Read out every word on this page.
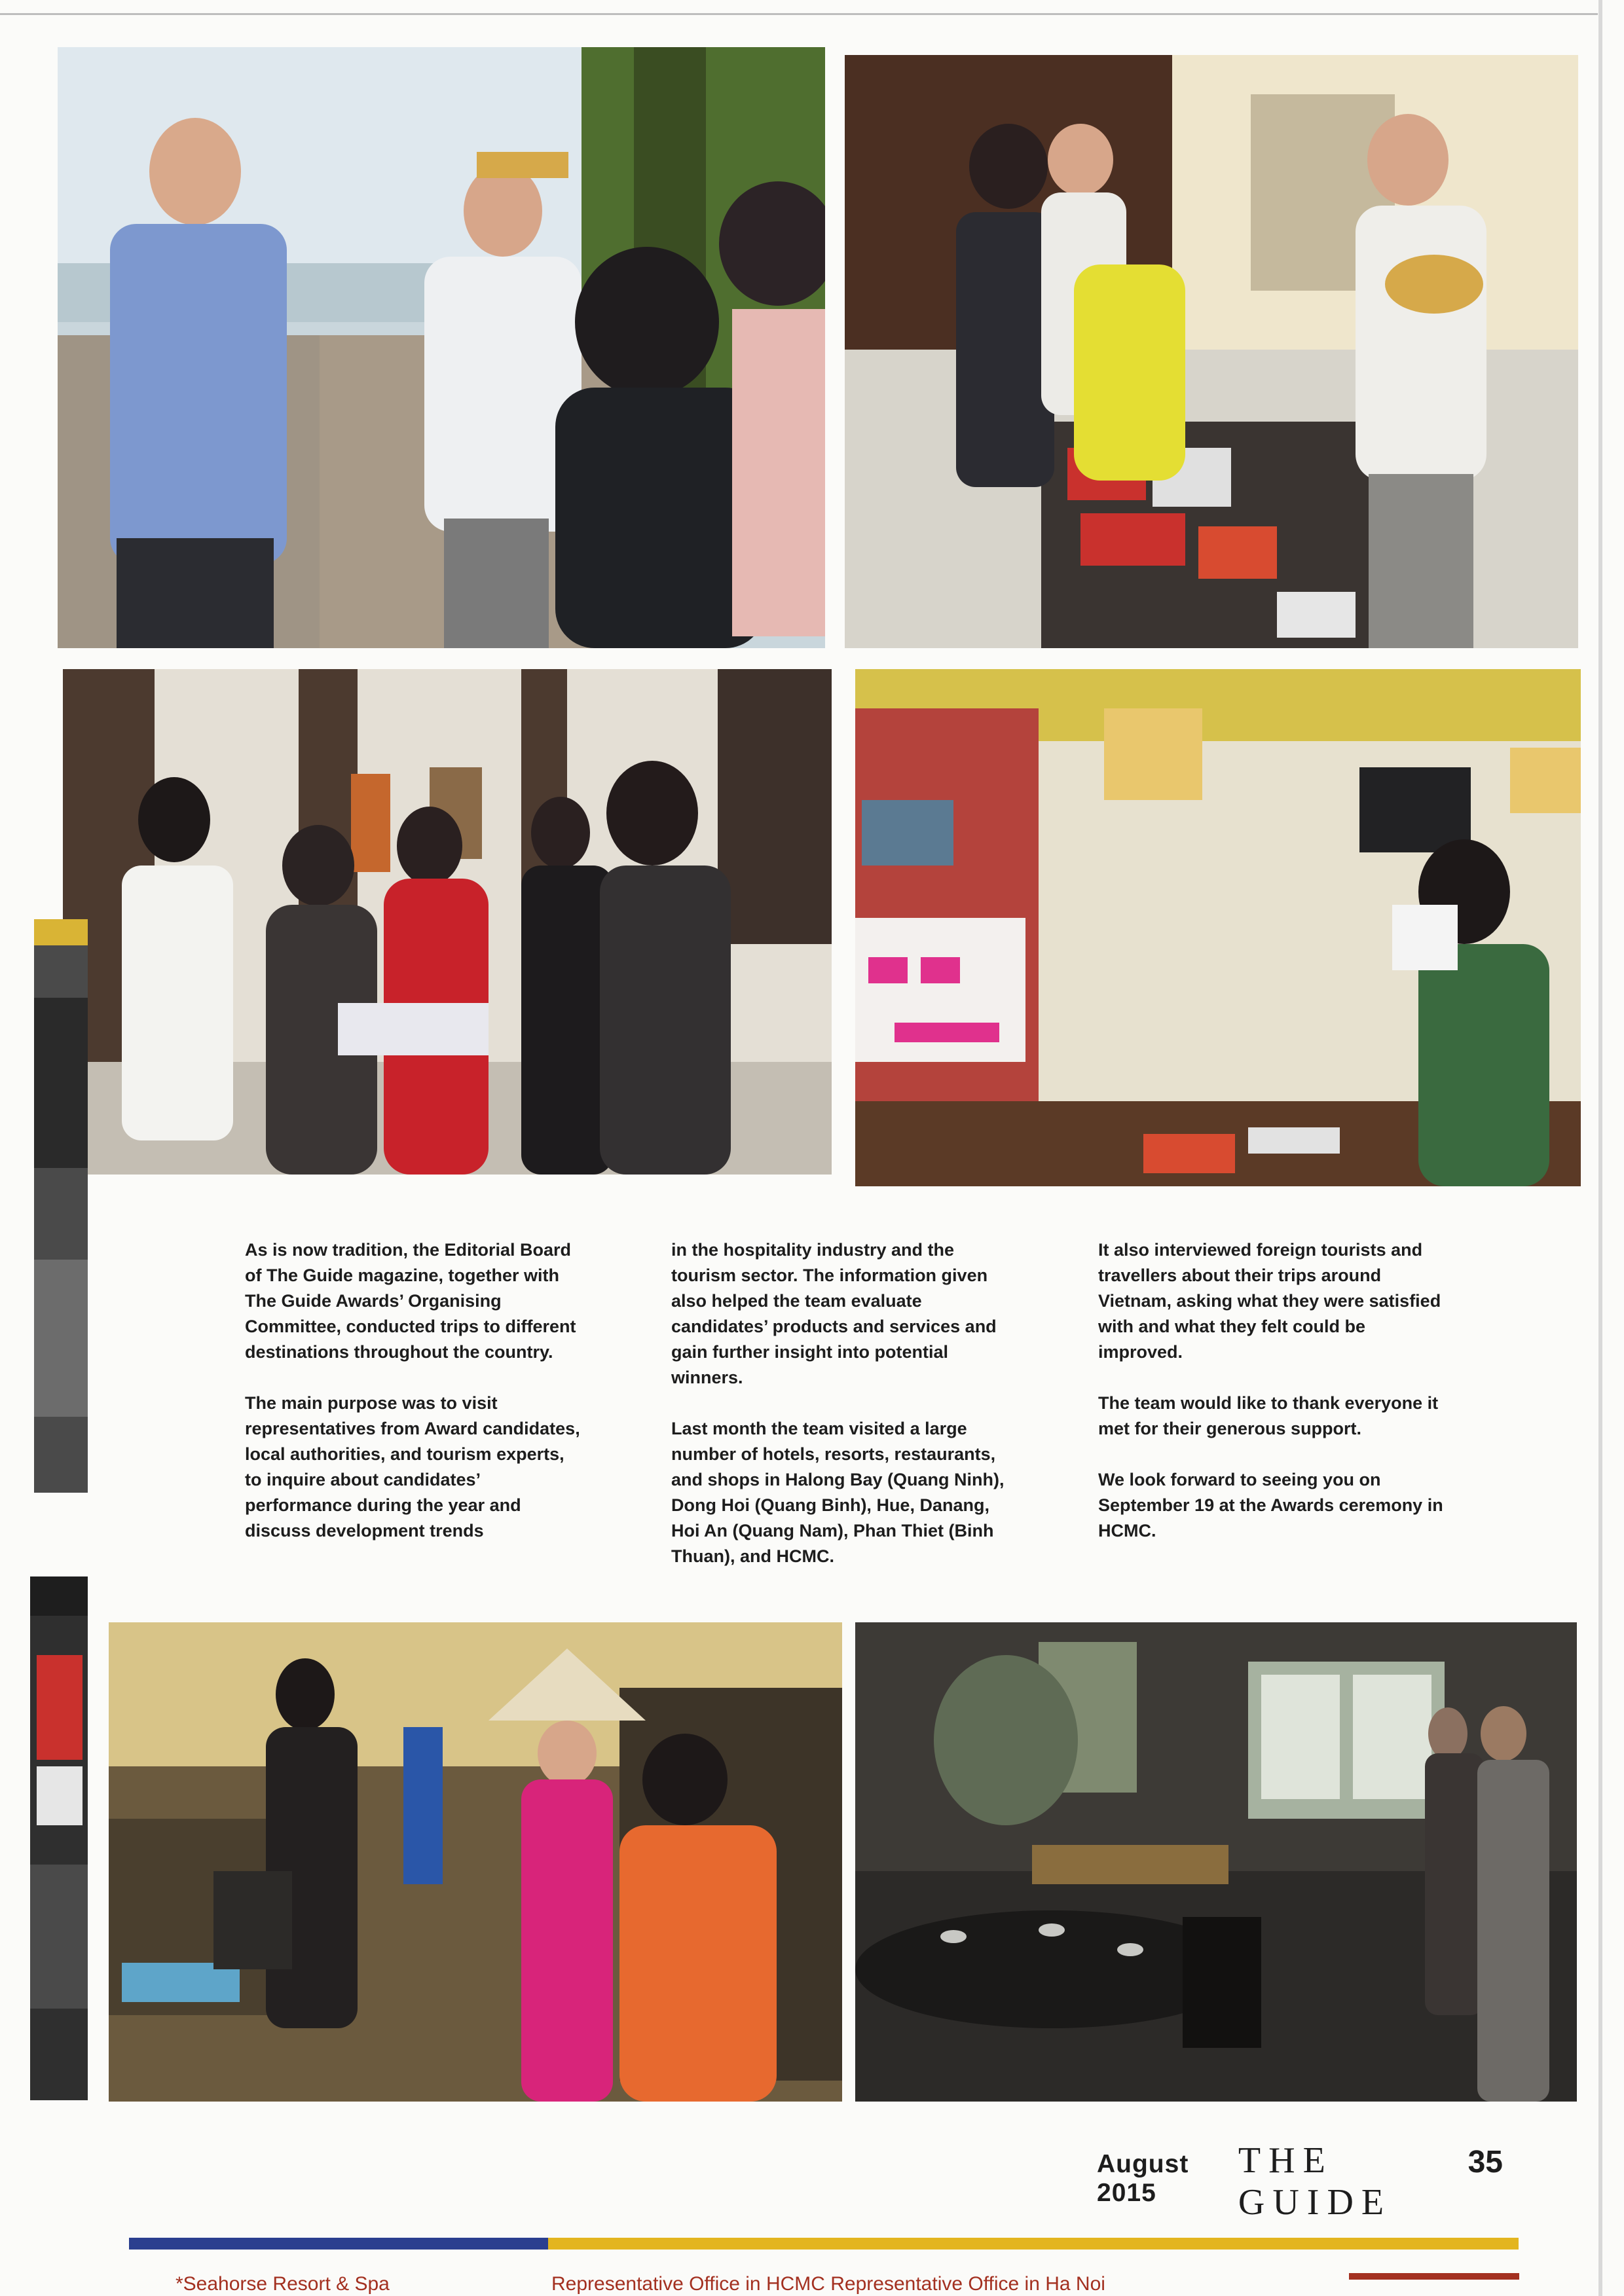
As is now tradition, the Editorial Board of The Guide magazine, together with The Guide Awards’ Organising Committee, conducted trips to different destinations throughout the country.

The main purpose was to visit representatives from Award candidates, local authorities, and tourism experts, to inquire about candidates’ performance during the year and discuss development trends

in the hospitality industry and the tourism sector. The information given also helped the team evaluate candidates’ products and services and gain further insight into potential winners.

Last month the team visited a large number of hotels, resorts, restaurants, and shops in Halong Bay (Quang Ninh), Dong Hoi (Quang Binh), Hue, Danang, Hoi An (Quang Nam), Phan Thiet (Binh Thuan), and HCMC.

It also interviewed foreign tourists and travellers about their trips around Vietnam, asking what they were satisfied with and what they felt could be improved.

The team would like to thank everyone it met for their generous support.

We look forward to seeing you on September 19 at the Awards ceremony in HCMC.

August 2015
THE GUIDE
35
*Seahorse Resort & Spa	Representative Office in HCMC Representative Office in Ha Noi
